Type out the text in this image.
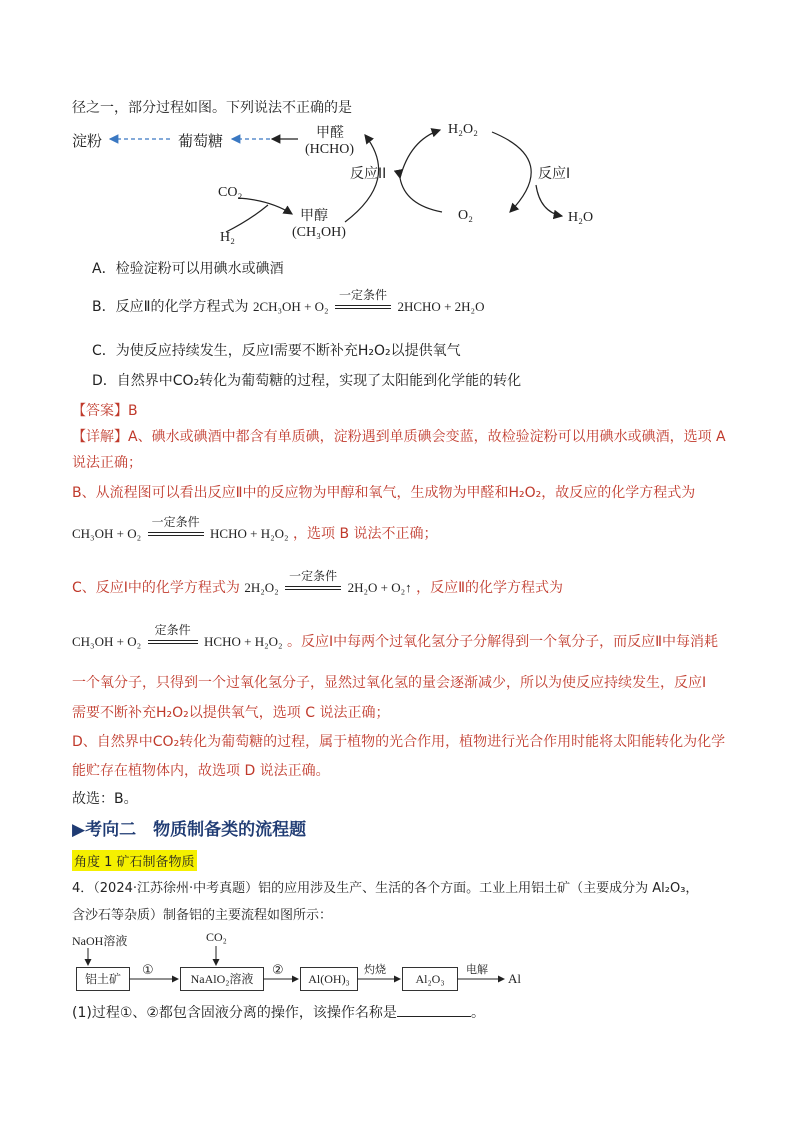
径之一，部分过程如图。下列说法不正确的是
淀粉	葡萄糖	甲醛
(HCHO)
甲醇
(CH₃OH)
CO₂
H₂
H₂O₂
O₂	H₂O
反应II	反应I
A．检验淀粉可以用碘水或碘酒
B．反应Ⅱ的化学方程式为 2CH₃OH + O₂
一定条件
2HCHO + 2H₂O
C．为使反应持续发生，反应Ⅰ需要不断补充H₂O₂以提供氧气
D．自然界中CO₂转化为葡萄糖的过程，实现了太阳能到化学能的转化
【答案】B
【详解】A、碘水或碘酒中都含有单质碘，淀粉遇到单质碘会变蓝，故检验淀粉可以用碘水或碘酒，选项 A
说法正确；
B、从流程图可以看出反应Ⅱ中的反应物为甲醇和氧气，生成物为甲醛和H₂O₂，故反应的化学方程式为
CH₃OH + O₂
一定条件
HCHO + H₂O₂ ，选项 B 说法不正确；
C、反应Ⅰ中的化学方程式为 2H₂O₂
一定条件
2H₂O + O₂↑ ，反应Ⅱ的化学方程式为
CH₃OH + O₂
定条件
HCHO + H₂O₂ 。反应Ⅰ中每两个过氧化氢分子分解得到一个氧分子，而反应Ⅱ中每消耗
一个氧分子，只得到一个过氧化氢分子，显然过氧化氢的量会逐渐减少，所以为使反应持续发生，反应Ⅰ
需要不断补充H₂O₂以提供氧气，选项 C 说法正确；
D、自然界中CO₂转化为葡萄糖的过程，属于植物的光合作用，植物进行光合作用时能将太阳能转化为化学
能贮存在植物体内，故选项 D 说法正确。
故选：B。
▶考向二　物质制备类的流程题
角度 1 矿石制备物质
4．（2024·江苏徐州·中考真题）铝的应用涉及生产、生活的各个方面。工业上用铝土矿（主要成分为 Al₂O₃，
含沙石等杂质）制备铝的主要流程如图所示：
NaOH溶液	CO₂
铝土矿
①
NaAlO₂溶液
②
Al(OH)₃
灼烧
Al₂O₃
电解
Al
(1)过程①、②都包含固液分离的操作，该操作名称是	。
